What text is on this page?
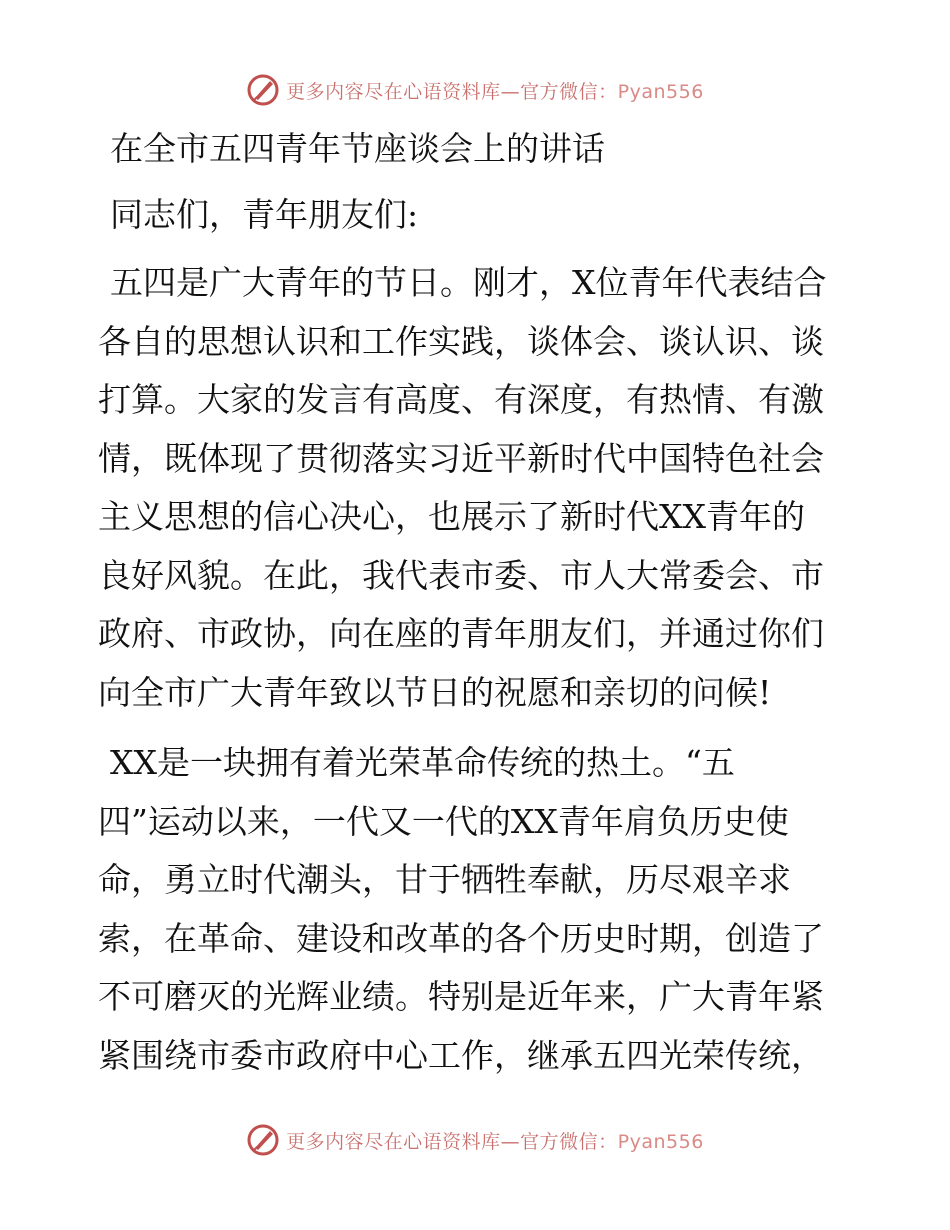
更多内容尽在心语资料库—官方微信：Pyan556
在全市五四青年节座谈会上的讲话
同志们，青年朋友们:
五四是广大青年的节日。刚才，X位青年代表结合
各自的思想认识和工作实践，谈体会、谈认识、谈
打算。大家的发言有高度、有深度，有热情、有激
情，既体现了贯彻落实习近平新时代中国特色社会
主义思想的信心决心，也展示了新时代XX青年的
良好风貌。在此，我代表市委、市人大常委会、市
政府、市政协，向在座的青年朋友们，并通过你们
向全市广大青年致以节日的祝愿和亲切的问候!
XX是一块拥有着光荣革命传统的热土。“五
四”运动以来，一代又一代的XX青年肩负历史使
命，勇立时代潮头，甘于牺牲奉献，历尽艰辛求
索，在革命、建设和改革的各个历史时期，创造了
不可磨灭的光辉业绩。特别是近年来，广大青年紧
紧围绕市委市政府中心工作，继承五四光荣传统，
更多内容尽在心语资料库—官方微信：Pyan556
